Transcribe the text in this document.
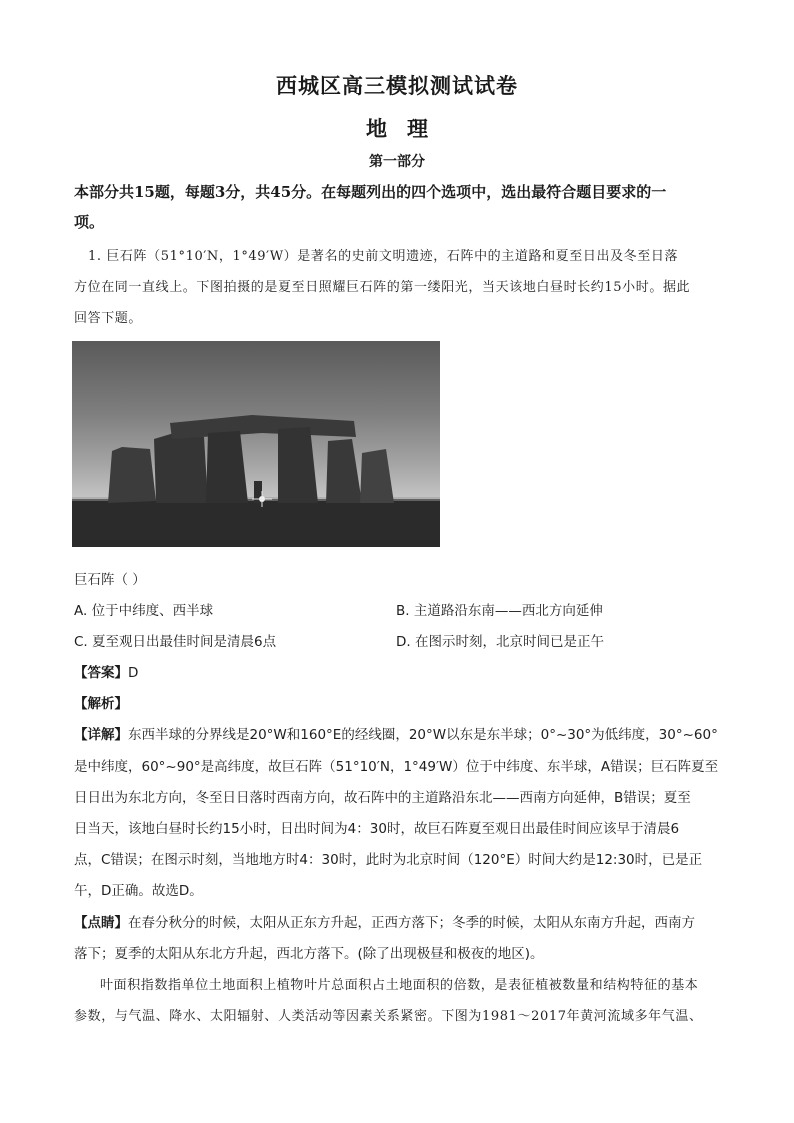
西城区高三模拟测试试卷
地理
第一部分
本部分共15题，每题3分，共45分。在每题列出的四个选项中，选出最符合题目要求的一
项。
1. 巨石阵（51°10′N，1°49′W）是著名的史前文明遗迹，石阵中的主道路和夏至日出及冬至日落
方位在同一直线上。下图拍摄的是夏至日照耀巨石阵的第一缕阳光，当天该地白昼时长约15小时。据此
回答下题。
巨石阵（ ）
A. 位于中纬度、西半球	B. 主道路沿东南——西北方向延伸
C. 夏至观日出最佳时间是清晨6点	D. 在图示时刻，北京时间已是正午
【答案】D
【解析】
【详解】东西半球的分界线是20°W和160°E的经线圈，20°W以东是东半球；0°~30°为低纬度，30°~60°
是中纬度，60°~90°是高纬度，故巨石阵（51°10′N，1°49′W）位于中纬度、东半球，A错误；巨石阵夏至
日日出为东北方向，冬至日日落时西南方向，故石阵中的主道路沿东北——西南方向延伸，B错误；夏至
日当天，该地白昼时长约15小时，日出时间为4：30时，故巨石阵夏至观日出最佳时间应该早于清晨6
点，C错误；在图示时刻，当地地方时4：30时，此时为北京时间（120°E）时间大约是12:30时，已是正
午，D正确。故选D。
【点睛】在春分秋分的时候，太阳从正东方升起，正西方落下；冬季的时候，太阳从东南方升起，西南方
落下；夏季的太阳从东北方升起，西北方落下。(除了出现极昼和极夜的地区)。
叶面积指数指单位土地面积上植物叶片总面积占土地面积的倍数，是表征植被数量和结构特征的基本
参数，与气温、降水、太阳辐射、人类活动等因素关系紧密。下图为1981～2017年黄河流域多年气温、
